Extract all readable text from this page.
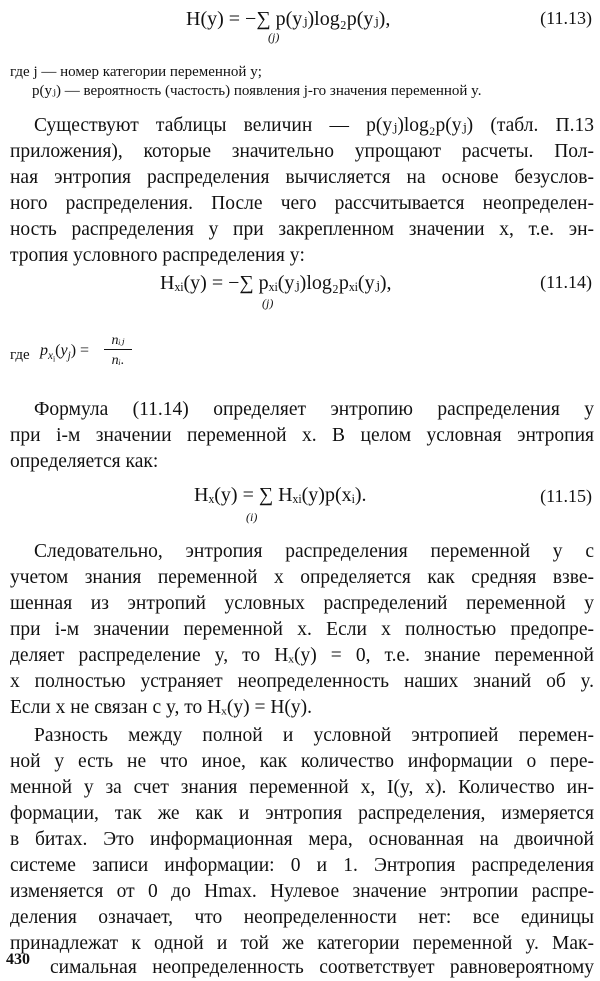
H(y) = −∑ p(yⱼ)log₂p(yⱼ),
(j)
(11.13)
где j — номер категории переменной y;
p(yⱼ) — вероятность (частость) появления j-го значения переменной y.
Существуют таблицы величин — p(yⱼ)log₂p(yⱼ) (табл. П.13
приложения), которые значительно упрощают расчеты. Пол-
ная энтропия распределения вычисляется на основе безуслов-
ного распределения. После чего рассчитывается неопределен-
ность распределения y при закрепленном значении x, т.е. эн-
тропия условного распределения y:
Hₓᵢ(y) = −∑ pₓᵢ(yⱼ)log₂pₓᵢ(yⱼ),
(j)
(11.14)
где $p_{x_i}(y_j)$ =
nᵢⱼ
nᵢ.
Формула (11.14) определяет энтропию распределения y
при i-м значении переменной x. В целом условная энтропия
определяется как:
Hₓ(y) = ∑ Hₓᵢ(y)p(xᵢ).
(i)
(11.15)
Следовательно, энтропия распределения переменной y с
учетом знания переменной x определяется как средняя взве-
шенная из энтропий условных распределений переменной y
при i-м значении переменной x. Если x полностью предопре-
деляет распределение y, то Hₓ(y) = 0, т.е. знание переменной
x полностью устраняет неопределенность наших знаний об y.
Если x не связан с y, то Hₓ(y) = H(y).
Разность между полной и условной энтропией перемен-
ной y есть не что иное, как количество информации о пере-
менной y за счет знания переменной x, I(y, x). Количество ин-
формации, так же как и энтропия распределения, измеряется
в битах. Это информационная мера, основанная на двоичной
системе записи информации: 0 и 1. Энтропия распределения
изменяется от 0 до Hmax. Нулевое значение энтропии распре-
деления означает, что неопределенности нет: все единицы
принадлежат к одной и той же категории переменной y. Мак-
симальная неопределенность соответствует равновероятному
430
